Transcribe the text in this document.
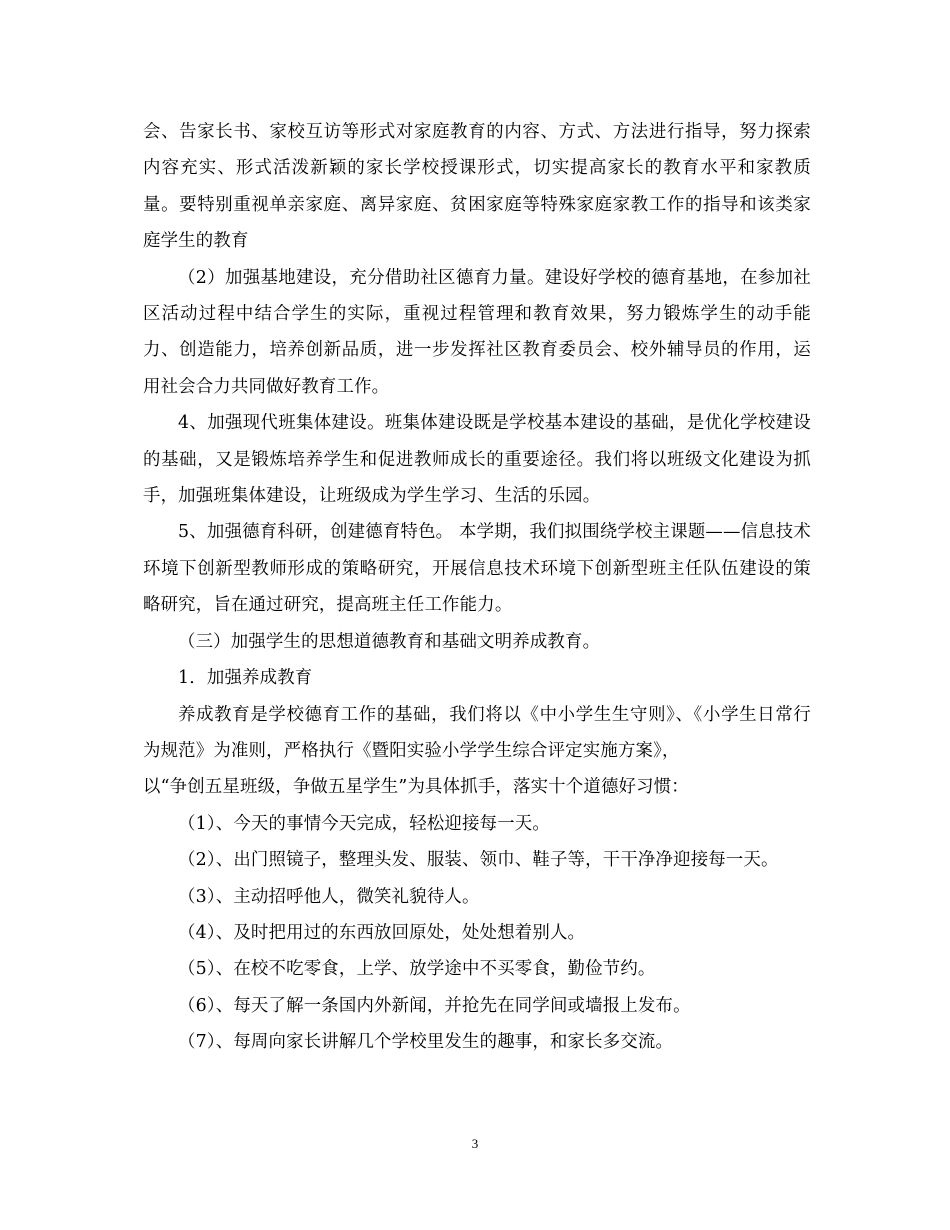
会、告家长书、家校互访等形式对家庭教育的内容、方式、方法进行指导，努力探索内容充实、形式活泼新颖的家长学校授课形式，切实提高家长的教育水平和家教质量。要特别重视单亲家庭、离异家庭、贫困家庭等特殊家庭家教工作的指导和该类家庭学生的教育

（2）加强基地建设，充分借助社区德育力量。建设好学校的德育基地，在参加社区活动过程中结合学生的实际，重视过程管理和教育效果，努力锻炼学生的动手能力、创造能力，培养创新品质，进一步发挥社区教育委员会、校外辅导员的作用，运用社会合力共同做好教育工作。

4、加强现代班集体建设。班集体建设既是学校基本建设的基础，是优化学校建设的基础，又是锻炼培养学生和促进教师成长的重要途径。我们将以班级文化建设为抓手，加强班集体建设，让班级成为学生学习、生活的乐园。

5、加强德育科研，创建德育特色。 本学期，我们拟围绕学校主课题——信息技术环境下创新型教师形成的策略研究，开展信息技术环境下创新型班主任队伍建设的策略研究，旨在通过研究，提高班主任工作能力。

（三）加强学生的思想道德教育和基础文明养成教育。

1．加强养成教育

养成教育是学校德育工作的基础，我们将以《中小学生生守则》、《小学生日常行为规范》为准则，严格执行《暨阳实验小学学生综合评定实施方案》，

以“争创五星班级，争做五星学生”为具体抓手，落实十个道德好习惯：

（1）、今天的事情今天完成，轻松迎接每一天。

（2）、出门照镜子，整理头发、服装、领巾、鞋子等，干干净净迎接每一天。

（3）、主动招呼他人，微笑礼貌待人。

（4）、及时把用过的东西放回原处，处处想着别人。

（5）、在校不吃零食，上学、放学途中不买零食，勤俭节约。

（6）、每天了解一条国内外新闻，并抢先在同学间或墙报上发布。

（7）、每周向家长讲解几个学校里发生的趣事，和家长多交流。

3
